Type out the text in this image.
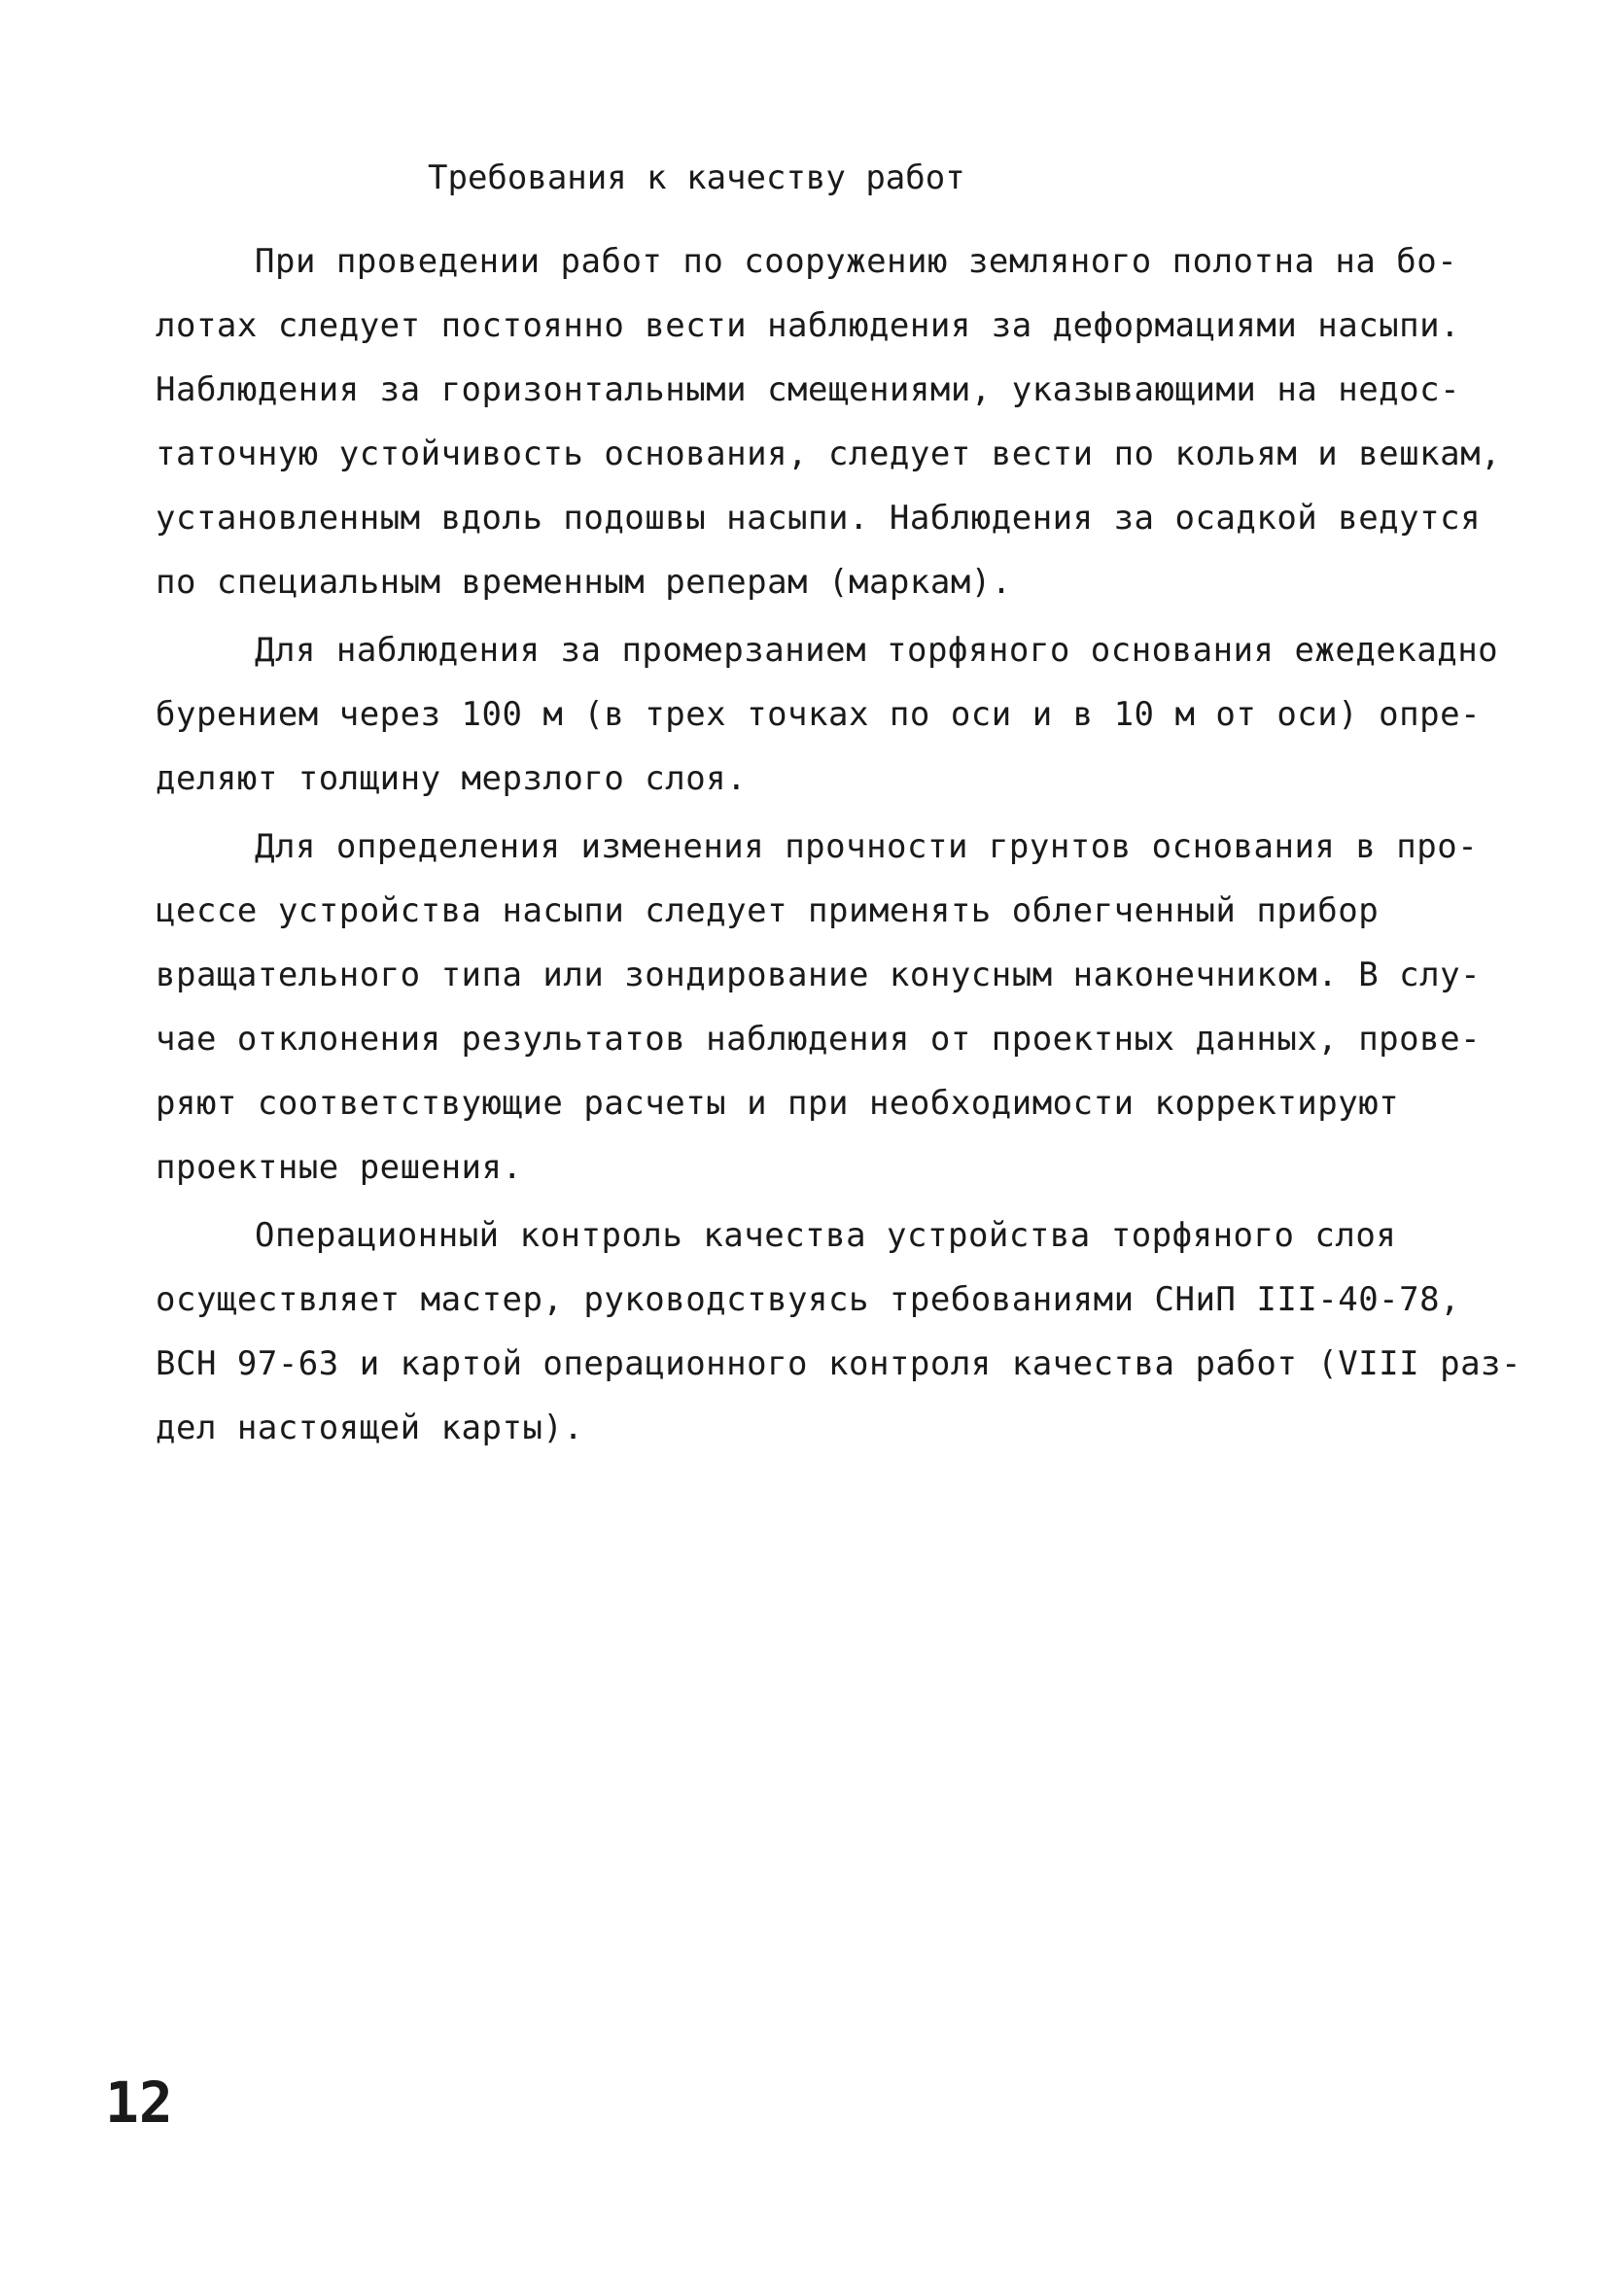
Требования к качеству работ
При проведении работ по сооружению земляного полотна на бо-
лотах следует постоянно вести наблюдения за деформациями насыпи.
Наблюдения за горизонтальными смещениями, указывающими на недос-
таточную устойчивость основания, следует вести по кольям и вешкам,
установленным вдоль подошвы насыпи. Наблюдения за осадкой ведутся
по специальным временным реперам (маркам).
Для наблюдения за промерзанием торфяного основания ежедекадно
бурением через 100 м (в трех точках по оси и в 10 м от оси) опре-
деляют толщину мерзлого слоя.
Для определения изменения прочности грунтов основания в про-
цессе устройства насыпи следует применять облегченный прибор
вращательного типа или зондирование конусным наконечником. В слу-
чае отклонения результатов наблюдения от проектных данных, прове-
ряют соответствующие расчеты и при необходимости корректируют
проектные решения.
Операционный контроль качества устройства торфяного слоя
осуществляет мастер, руководствуясь требованиями СНиП III-40-78,
ВСН 97-63 и картой операционного контроля качества работ (VIII раз-
дел настоящей карты).
12
